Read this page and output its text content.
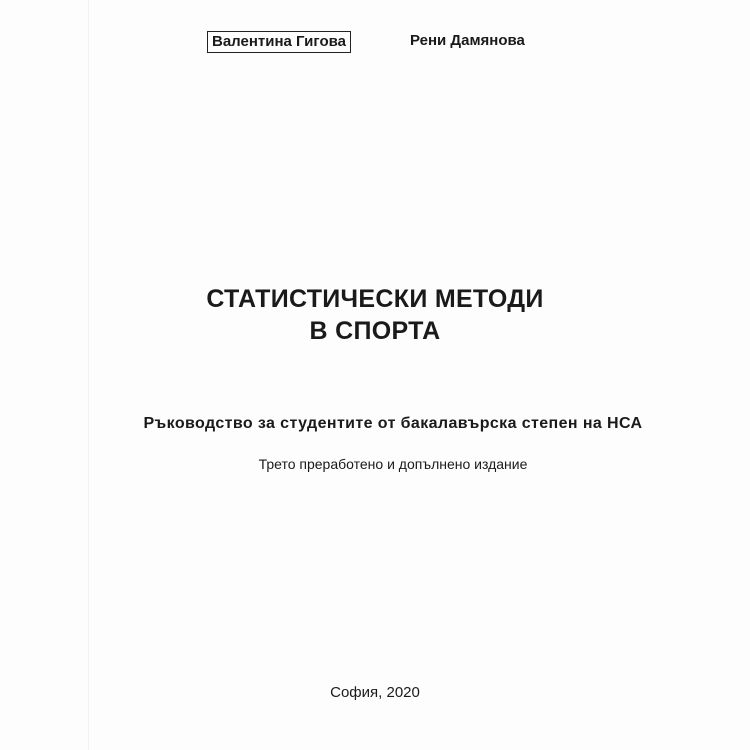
Валентина Гигова	Рени Дамянова
СТАТИСТИЧЕСКИ МЕТОДИ
В СПОРТА
Ръководство за студентите от бакалавърска степен на НСА
Трето преработено и допълнено издание
София, 2020
